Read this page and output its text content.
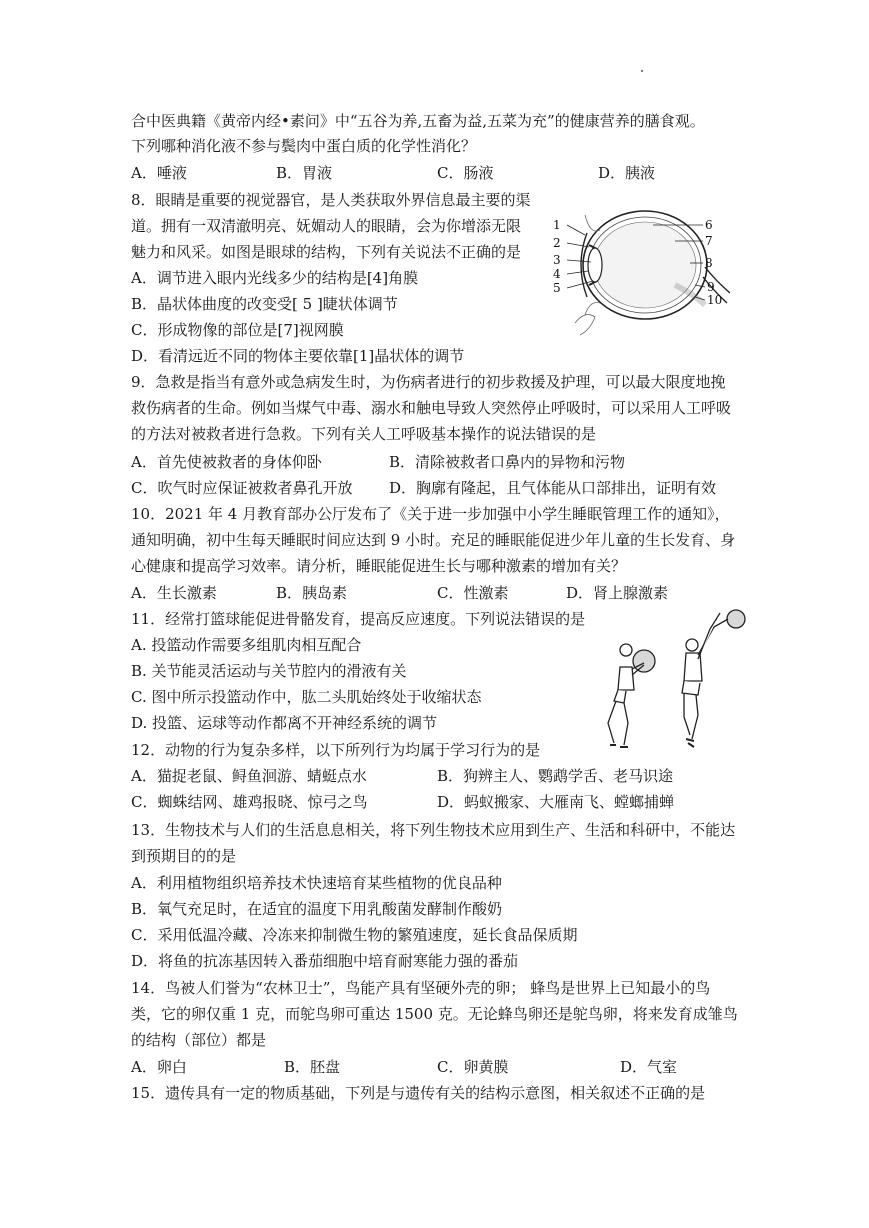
合中医典籍《黄帝内经•素问》中“五谷为养,五畜为益,五菜为充”的健康营养的膳食观。
下列哪种消化液不参与鬓肉中蛋白质的化学性消化？
A．唾液	B．胃液	C．肠液	D．胰液
8．眼睛是重要的视觉器官，是人类获取外界信息最主要的渠
道。拥有一双清澈明亮、妩媚动人的眼睛，会为你增添无限
魅力和风采。如图是眼球的结构，下列有关说法不正确的是
A．调节进入眼内光线多少的结构是[4]角膜
B．晶状体曲度的改变受[ 5 ]睫状体调节
C．形成物像的部位是[7]视网膜
D．看清远近不同的物体主要依靠[1]晶状体的调节
1
2
3
4
5
6
7
8
9
10
9．急救是指当有意外或急病发生时，为伤病者进行的初步救援及护理，可以最大限度地挽
救伤病者的生命。例如当煤气中毒、溺水和触电导致人突然停止呼吸时，可以采用人工呼吸
的方法对被救者进行急救。下列有关人工呼吸基本操作的说法错误的是
A．首先使被救者的身体仰卧	B．清除被救者口鼻内的异物和污物
C．吹气时应保证被救者鼻孔开放 D．胸廓有隆起，且气体能从口部排出，证明有效
10．2021 年 4 月教育部办公厅发布了《关于进一步加强中小学生睡眠管理工作的通知》，
通知明确，初中生每天睡眠时间应达到 9 小时。充足的睡眠能促进少年儿童的生长发育、身
心健康和提高学习效率。请分析，睡眠能促进生长与哪种激素的增加有关？
A．生长激素	B．胰岛素	C．性激素	D．肾上腺激素
11．经常打篮球能促进骨骼发育，提高反应速度。下列说法错误的是
A. 投篮动作需要多组肌肉相互配合
B. 关节能灵活运动与关节腔内的滑液有关
C. 图中所示投篮动作中，肱二头肌始终处于收缩状态
D. 投篮、运球等动作都离不开神经系统的调节
12．动物的行为复杂多样，以下所列行为均属于学习行为的是
A．猫捉老鼠、鲟鱼洄游、蜻蜓点水	B．狗辨主人、鹦鹉学舌、老马识途
C．蜘蛛结网、雄鸡报晓、惊弓之鸟	D．蚂蚁搬家、大雁南飞、螳螂捕蝉
13．生物技术与人们的生活息息相关，将下列生物技术应用到生产、生活和科研中，不能达
到预期目的的是
A．利用植物组织培养技术快速培育某些植物的优良品种
B．氧气充足时，在适宜的温度下用乳酸菌发酵制作酸奶
C．采用低温冷藏、冷冻来抑制微生物的繁殖速度，延长食品保质期
D．将鱼的抗冻基因转入番茄细胞中培育耐寒能力强的番茄
14．鸟被人们誉为“农林卫士”，鸟能产具有坚硬外壳的卵； 蜂鸟是世界上已知最小的鸟
类，它的卵仅重 1 克，而鸵鸟卵可重达 1500 克。无论蜂鸟卵还是鸵鸟卵，将来发育成雏鸟
的结构（部位）都是
A．卵白	B．胚盘	C．卵黄膜	D．气室
15．遗传具有一定的物质基础，下列是与遗传有关的结构示意图，相关叙述不正确的是
